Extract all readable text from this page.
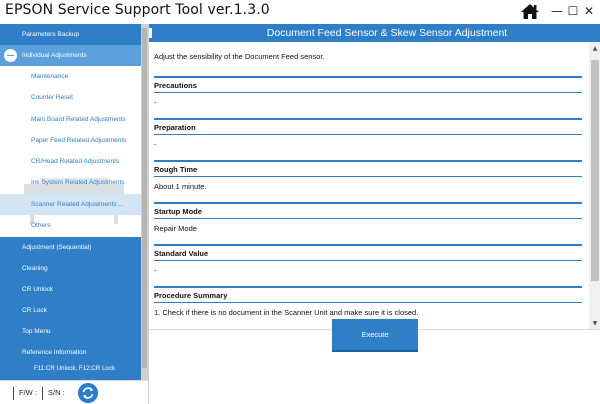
EPSON Service Support Tool ver.1.3.0	— ☐ ✕
Parameters Backup
Individual Adjustments
Maintenance
Counter Reset
Main Board Related Adjustments
Paper Feed Related Adjustments
CR/Head Related Adjustments
Ink System Related Adjustments
Scanner Related Adjustments ...
Others
Adjustment (Sequential)
Cleaning
CR Unlock
CR Lock
Top Menu
Reference Information
F11:CR Unlock, F12:CR Lock
F/W : S/N :
Document Feed Sensor & Skew Sensor Adjustment
Adjust the sensibility of the Document Feed sensor.
Precautions
-
Preparation
-
Rough Time
About 1 minute.
Startup Mode
Repair Mode
Standard Value
-
Procedure Summary
1. Check if there is no document in the Scanner Unit and make sure it is closed.
▲
▼
Execute
